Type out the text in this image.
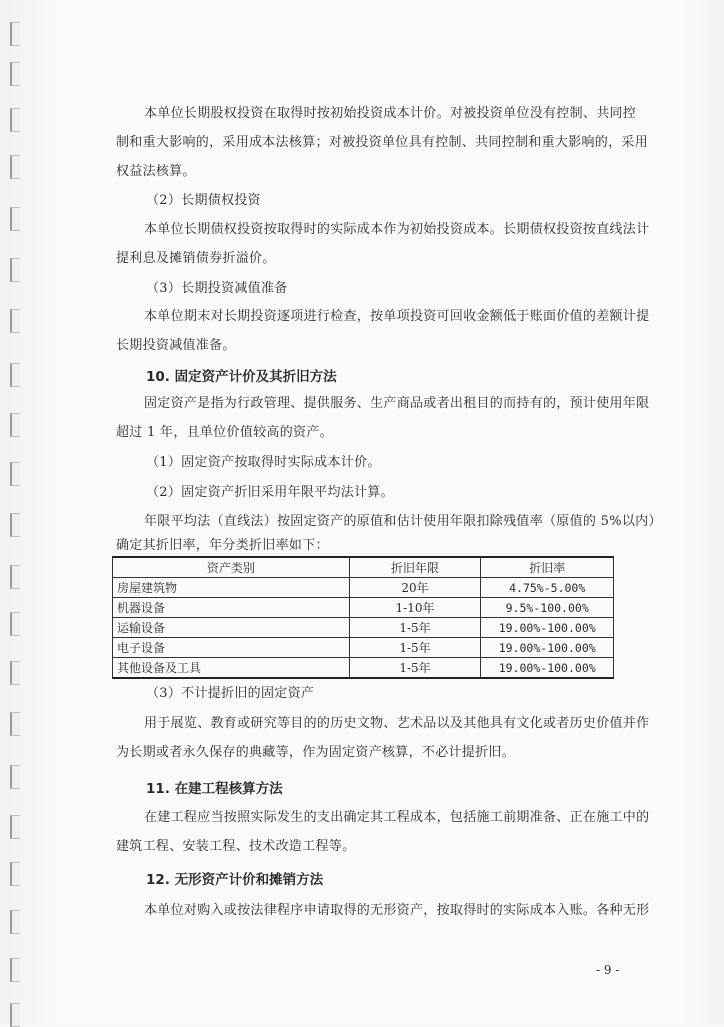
本单位长期股权投资在取得时按初始投资成本计价。对被投资单位没有控制、共同控
制和重大影响的，采用成本法核算；对被投资单位具有控制、共同控制和重大影响的，采用
权益法核算。
（2）长期债权投资
本单位长期债权投资按取得时的实际成本作为初始投资成本。长期债权投资按直线法计
提利息及摊销债券折溢价。
（3）长期投资减值准备
本单位期末对长期投资逐项进行检查，按单项投资可回收金额低于账面价值的差额计提
长期投资减值准备。
10. 固定资产计价及其折旧方法
固定资产是指为行政管理、提供服务、生产商品或者出租目的而持有的，预计使用年限
超过 1 年，且单位价值较高的资产。
（1）固定资产按取得时实际成本计价。
（2）固定资产折旧采用年限平均法计算。
年限平均法（直线法）按固定资产的原值和估计使用年限扣除残值率（原值的 5%以内）
确定其折旧率，年分类折旧率如下：
资产类别	折旧年限	折旧率
房屋建筑物	20年	4.75%-5.00%
机器设备	1-10年	9.5%-100.00%
运输设备	1-5年	19.00%-100.00%
电子设备	1-5年	19.00%-100.00%
其他设备及工具	1-5年	19.00%-100.00%
（3）不计提折旧的固定资产
用于展览、教育或研究等目的的历史文物、艺术品以及其他具有文化或者历史价值并作
为长期或者永久保存的典藏等，作为固定资产核算，不必计提折旧。
11. 在建工程核算方法
在建工程应当按照实际发生的支出确定其工程成本，包括施工前期准备、正在施工中的
建筑工程、安装工程、技术改造工程等。
12. 无形资产计价和摊销方法
本单位对购入或按法律程序申请取得的无形资产，按取得时的实际成本入账。各种无形
- 9 -
